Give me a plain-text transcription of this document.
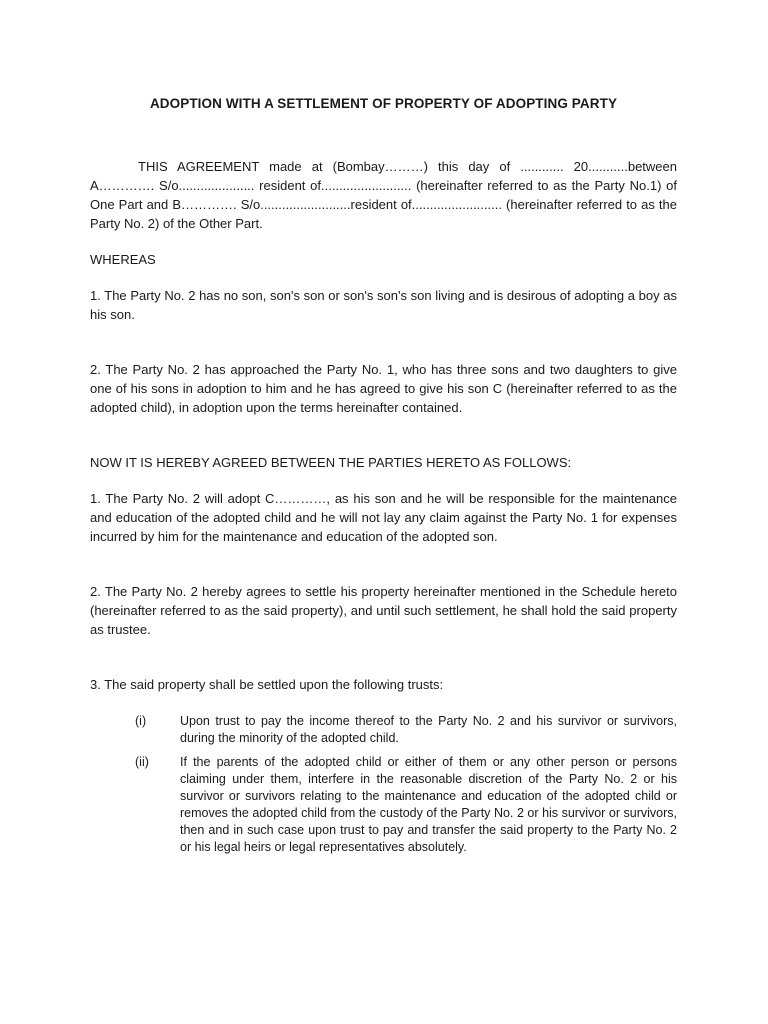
ADOPTION WITH A SETTLEMENT OF PROPERTY OF ADOPTING PARTY

THIS AGREEMENT made at (Bombay………) this day of ............ 20...........between A…………. S/o..................... resident of......................... (hereinafter referred to as the Party No.1) of One Part and B…………. S/o.........................resident of......................... (hereinafter referred to as the Party No. 2) of the Other Part.

WHEREAS

1. The Party No. 2 has no son, son's son or son's son's son living and is desirous of adopting a boy as his son.

2. The Party No. 2 has approached the Party No. 1, who has three sons and two daughters to give one of his sons in adoption to him and he has agreed to give his son C (hereinafter referred to as the adopted child), in adoption upon the terms hereinafter contained.

NOW IT IS HEREBY AGREED BETWEEN THE PARTIES HERETO AS FOLLOWS:

1. The Party No. 2 will adopt C…………, as his son and he will be responsible for the maintenance and education of the adopted child and he will not lay any claim against the Party No. 1 for expenses incurred by him for the maintenance and education of the adopted son.

2. The Party No. 2 hereby agrees to settle his property hereinafter mentioned in the Schedule hereto (hereinafter referred to as the said property), and until such settlement, he shall hold the said property as trustee.

3. The said property shall be settled upon the following trusts:

(i)	Upon trust to pay the income thereof to the Party No. 2 and his survivor or survivors, during the minority of the adopted child.
(ii)	If the parents of the adopted child or either of them or any other person or persons claiming under them, interfere in the reasonable discretion of the Party No. 2 or his survivor or survivors relating to the maintenance and education of the adopted child or removes the adopted child from the custody of the Party No. 2 or his survivor or survivors, then and in such case upon trust to pay and transfer the said property to the Party No. 2 or his legal heirs or legal representatives absolutely.
